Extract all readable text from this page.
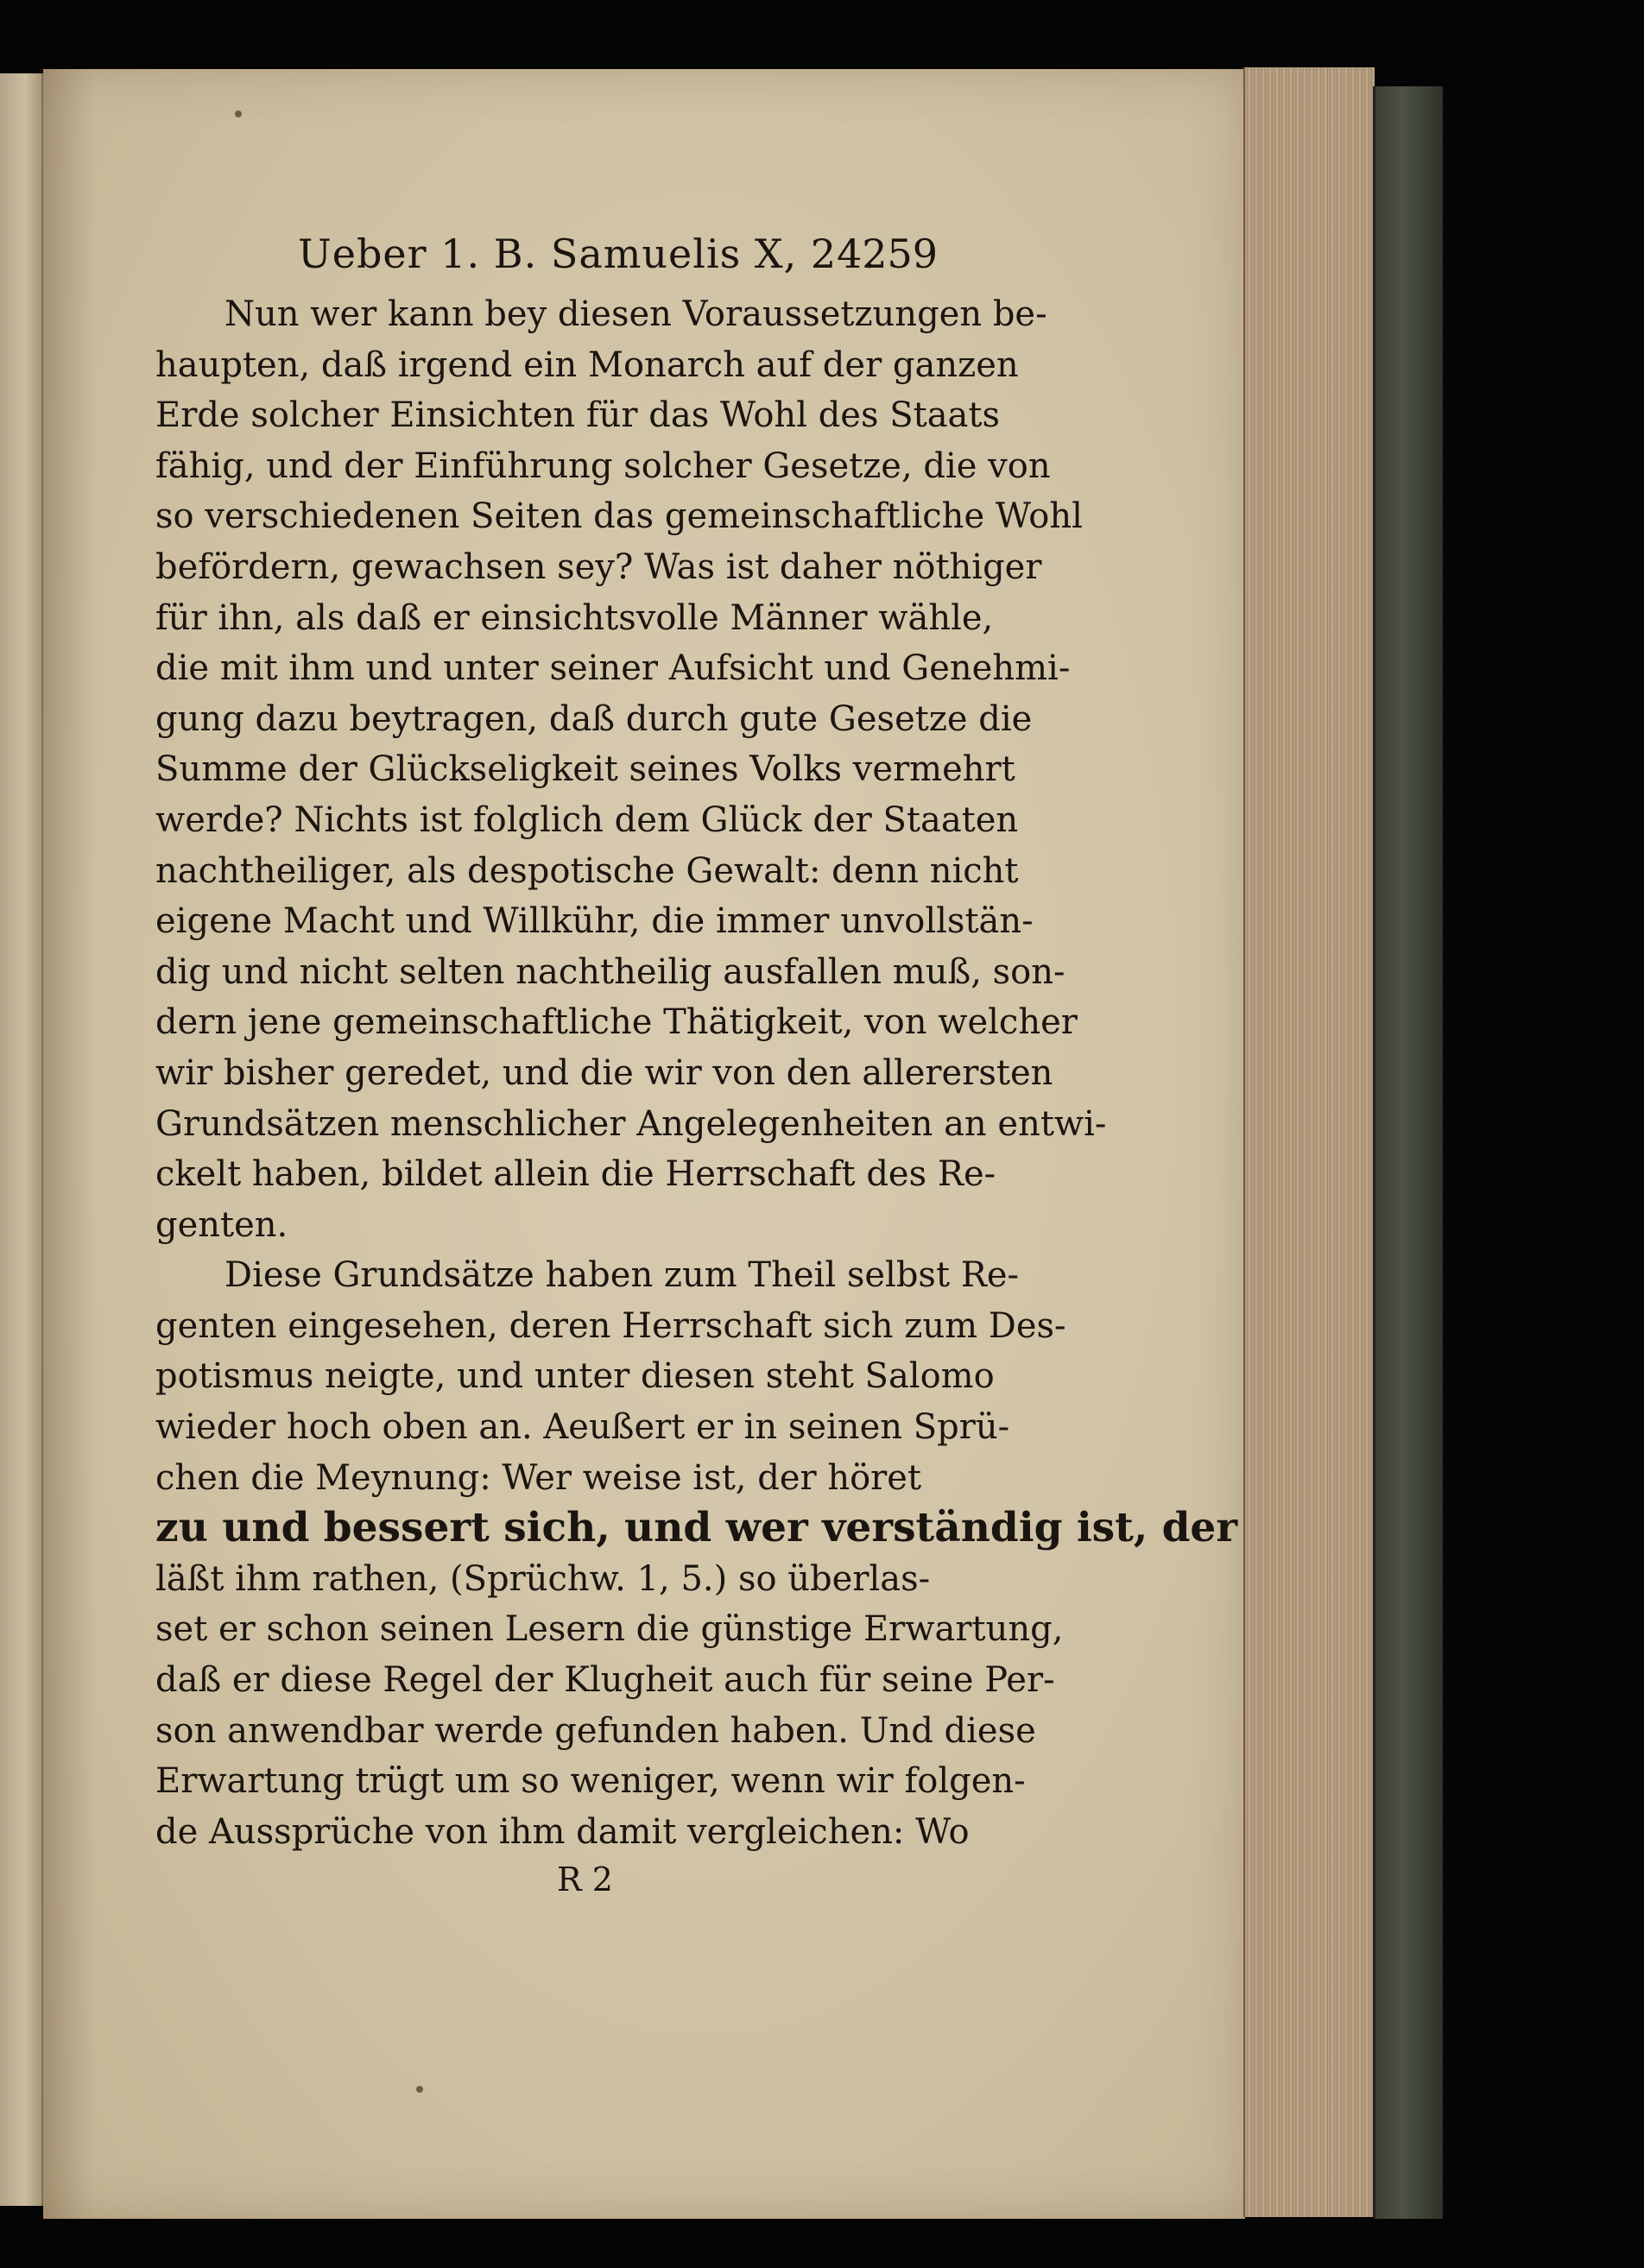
Ueber 1. B. Samuelis X, 24.
259

Nun wer kann bey diesen Voraussetzungen be-
haupten, daß irgend ein Monarch auf der ganzen
Erde solcher Einsichten für das Wohl des Staats
fähig, und der Einführung solcher Gesetze, die von
so verschiedenen Seiten das gemeinschaftliche Wohl
befördern, gewachsen sey? Was ist daher nöthiger
für ihn, als daß er einsichtsvolle Männer wähle,
die mit ihm und unter seiner Aufsicht und Genehmi-
gung dazu beytragen, daß durch gute Gesetze die
Summe der Glückseligkeit seines Volks vermehrt
werde? Nichts ist folglich dem Glück der Staaten
nachtheiliger, als despotische Gewalt: denn nicht
eigene Macht und Willkühr, die immer unvollstän-
dig und nicht selten nachtheilig ausfallen muß, son-
dern jene gemeinschaftliche Thätigkeit, von welcher
wir bisher geredet, und die wir von den allerersten
Grundsätzen menschlicher Angelegenheiten an entwi-
ckelt haben, bildet allein die Herrschaft des Re-
genten.

Diese Grundsätze haben zum Theil selbst Re-
genten eingesehen, deren Herrschaft sich zum Des-
potismus neigte, und unter diesen steht Salomo
wieder hoch oben an. Aeußert er in seinen Sprü-
chen die Meynung: Wer weise ist, der höret
zu und bessert sich, und wer verständig ist, der
läßt ihm rathen, (Sprüchw. 1, 5.) so überlas-
set er schon seinen Lesern die günstige Erwartung,
daß er diese Regel der Klugheit auch für seine Per-
son anwendbar werde gefunden haben. Und diese
Erwartung trügt um so weniger, wenn wir folgen-
de Aussprüche von ihm damit vergleichen: Wo

R 2
